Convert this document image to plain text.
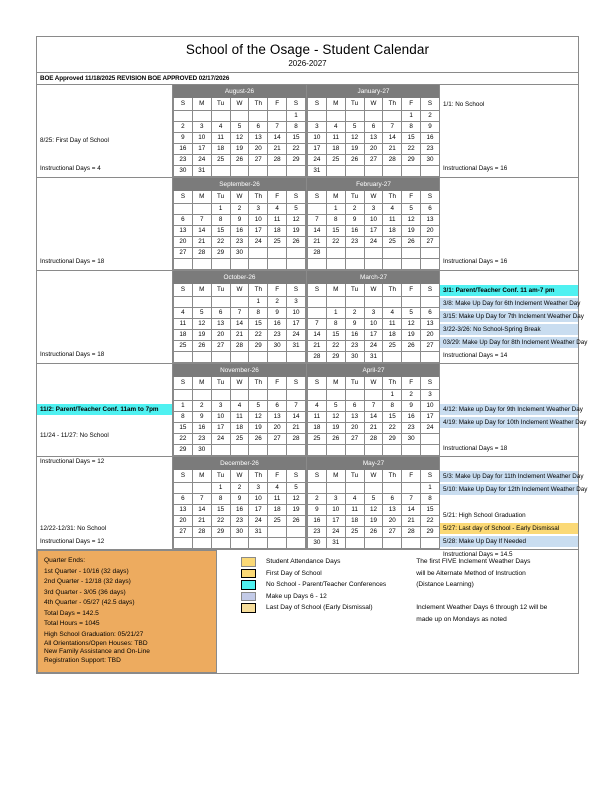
School of the Osage - Student Calendar
2026-2027
BOE Approved 11/18/2025 REVISION BOE APPROVED 02/17/2026
8/25: First Day of School
Instructional Days = 4
August-26						
S	M	Tu	W	Th	F	S
						1
2	3	4	5	6	7	8
9	10	11	12	13	14	15
16	17	18	19	20	21	22
23	24	25	26	27	28	29
30	31					
January-27						
S	M	Tu	W	Th	F	S
					1	2
3	4	5	6	7	8	9
10	11	12	13	14	15	16
17	18	19	20	21	22	23
24	25	26	27	28	29	30
31						
1/1: No School
Instructional Days = 16
Instructional Days = 18
September-26						
S	M	Tu	W	Th	F	S
		1	2	3	4	5
6	7	8	9	10	11	12
13	14	15	16	17	18	19
20	21	22	23	24	25	26
27	28	29	30			

February-27						
S	M	Tu	W	Th	F	S
	1	2	3	4	5	6
7	8	9	10	11	12	13
14	15	16	17	18	19	20
21	22	23	24	25	26	27
28						

Instructional Days = 16
Instructional Days = 18
October-26						
S	M	Tu	W	Th	F	S
				1	2	3
4	5	6	7	8	9	10
11	12	13	14	15	16	17
18	19	20	21	22	23	24
25	26	27	28	29	30	31

March-27						
S	M	Tu	W	Th	F	S

	1	2	3	4	5	6
7	8	9	10	11	12	13
14	15	16	17	18	19	20
21	22	23	24	25	26	27
28	29	30	31			
3/1: Parent/Teacher Conf. 11 am-7 pm
3/8: Make Up Day for 6th Inclement Weather Day
3/15: Make Up Day for 7th Inclement Weather Day
3/22-3/26: No School-Spring Break
03/29: Make Up Day for 8th Inclement Weather Day
Instructional Days = 14
11/2: Parent/Teacher Conf. 11am to 7pm
11/24 - 11/27: No School
Instructional Days = 12
November-26						
S	M	Tu	W	Th	F	S

1	2	3	4	5	6	7
8	9	10	11	12	13	14
15	16	17	18	19	20	21
22	23	24	25	26	27	28
29	30					
April-27						
S	M	Tu	W	Th	F	S
				1	2	3
4	5	6	7	8	9	10
11	12	13	14	15	16	17
18	19	20	21	22	23	24
25	26	27	28	29	30	

4/12: Make up Day for 9th Inclement Weather Day
4/19: Make up Day for 10th Inclement Weather Day
Instructional Days = 18
12/22-12/31: No School
Instructional Days = 12
December-26						
S	M	Tu	W	Th	F	S
		1	2	3	4	5
6	7	8	9	10	11	12
13	14	15	16	17	18	19
20	21	22	23	24	25	26
27	28	29	30	31		

May-27						
S	M	Tu	W	Th	F	S
						1
2	3	4	5	6	7	8
9	10	11	12	13	14	15
16	17	18	19	20	21	22
23	24	25	26	27	28	29
30	31					
5/3: Make Up Day for 11th Inclement Weather Day
5/10: Make Up Day for 12th Inclement Weather Day
5/21: High School Graduation
5/27: Last day of School - Early Dismissal
5/28: Make Up Day If Needed
Instructional Days = 14.5
Quarter Ends:
1st Quarter - 10/16 (32 days)
2nd Quarter - 12/18 (32 days)
3rd Quarter - 3/05 (36 days)
4th Quarter - 05/27 (42.5 days)
Total Days = 142.5
Total Hours = 1045
High School Graduation: 05/21/27
All Orientations/Open Houses: TBD
New Family Assistance and On-Line
Registration Support: TBD
Student Attendance Days
First Day of School
No School - Parent/Teacher Conferences
Make up Days 6 - 12
Last Day of School (Early Dismissal)
The first FIVE Inclement Weather Days
will be Alternate Method of Instruction
(Distance Learning)
Inclement Weather Days 6 through 12 will be
made up on Mondays as noted
